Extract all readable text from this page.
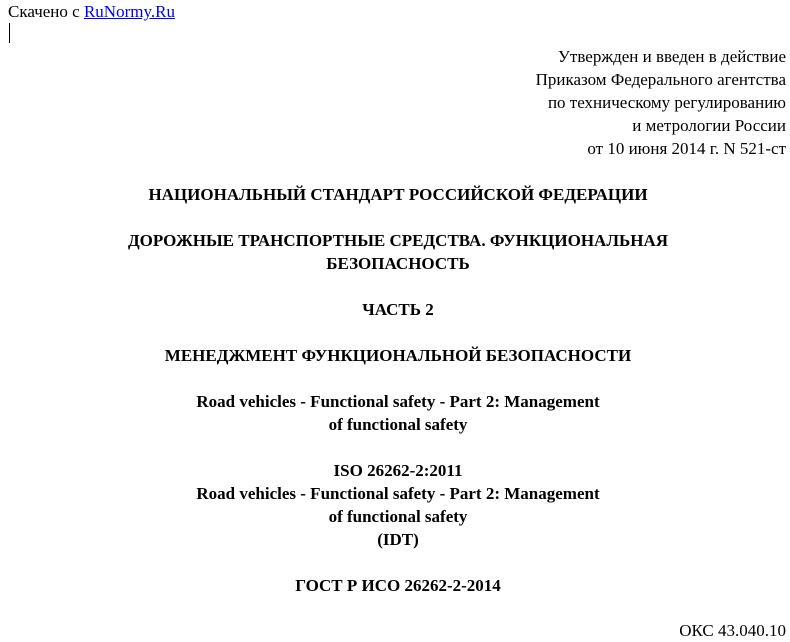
Скачено с RuNormy.Ru
Утвержден и введен в действие
Приказом Федерального агентства
по техническому регулированию
и метрологии России
от 10 июня 2014 г. N 521-ст
НАЦИОНАЛЬНЫЙ СТАНДАРТ РОССИЙСКОЙ ФЕДЕРАЦИИ
ДОРОЖНЫЕ ТРАНСПОРТНЫЕ СРЕДСТВА. ФУНКЦИОНАЛЬНАЯ
БЕЗОПАСНОСТЬ
ЧАСТЬ 2
МЕНЕДЖМЕНТ ФУНКЦИОНАЛЬНОЙ БЕЗОПАСНОСТИ
Road vehicles - Functional safety - Part 2: Management
of functional safety
ISO 26262-2:2011
Road vehicles - Functional safety - Part 2: Management
of functional safety
(IDT)
ГОСТ Р ИСО 26262-2-2014
ОКС 43.040.10
